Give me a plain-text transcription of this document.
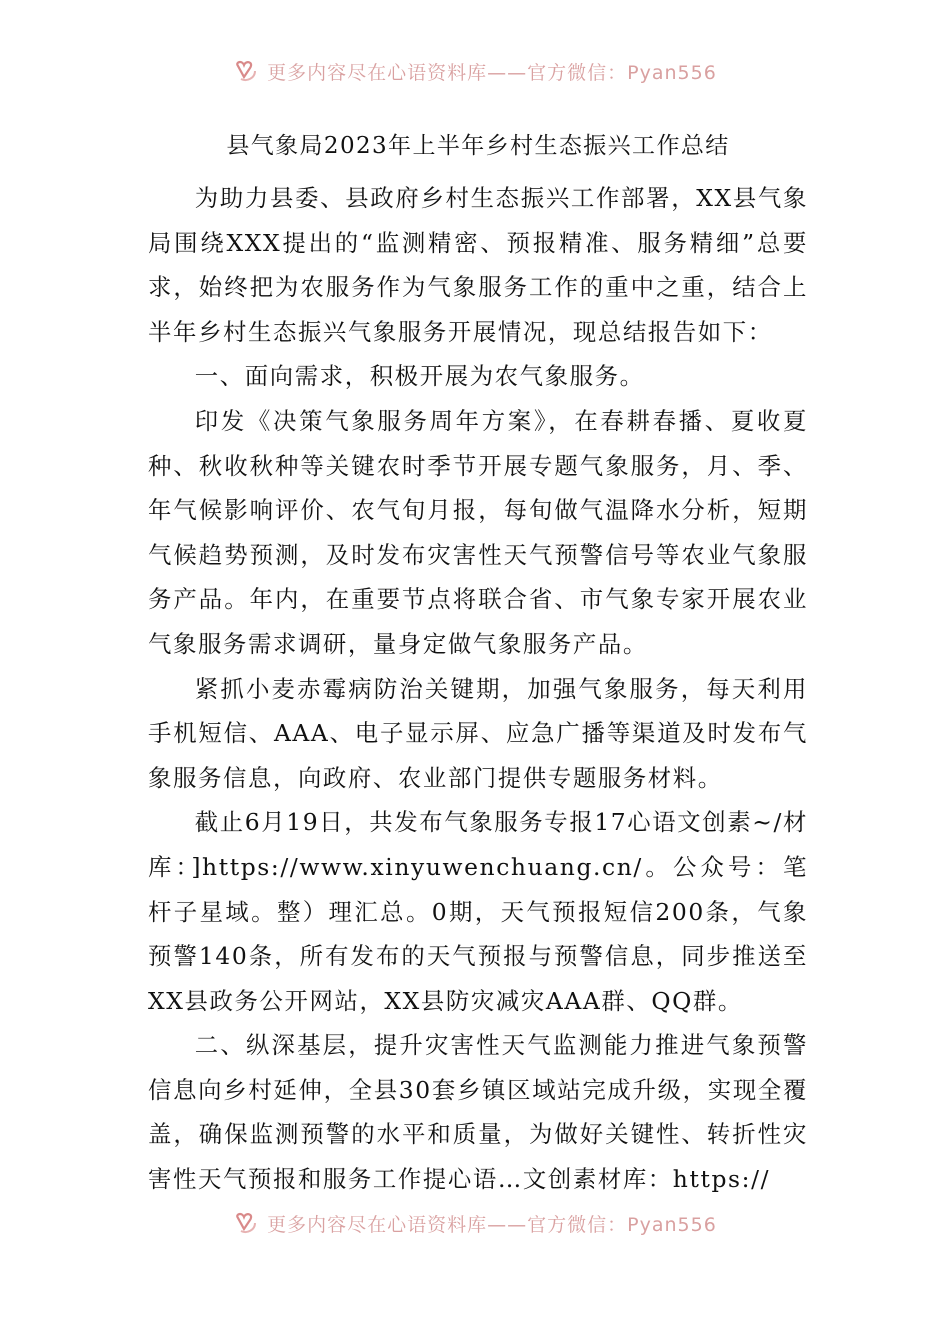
更多内容尽在心语资料库——官方微信：Pyan556
县气象局2023年上半年乡村生态振兴工作总结

为助力县委、县政府乡村生态振兴工作部署，XX县气象局围绕XXX提出的“监测精密、预报精准、服务精细”总要求，始终把为农服务作为气象服务工作的重中之重，结合上半年乡村生态振兴气象服务开展情况，现总结报告如下：

一、面向需求，积极开展为农气象服务。

印发《决策气象服务周年方案》，在春耕春播、夏收夏种、秋收秋种等关键农时季节开展专题气象服务，月、季、年气候影响评价、农气旬月报，每旬做气温降水分析，短期气候趋势预测，及时发布灾害性天气预警信号等农业气象服务产品。年内，在重要节点将联合省、市气象专家开展农业气象服务需求调研，量身定做气象服务产品。

紧抓小麦赤霉病防治关键期，加强气象服务，每天利用手机短信、AAA、电子显示屏、应急广播等渠道及时发布气象服务信息，向政府、农业部门提供专题服务材料。

截止6月19日，共发布气象服务专报17心语文创素~/材库：]https://www.xinyuwenchuang.cn/。公众号：笔杆子星域。整）理汇总。0期，天气预报短信200条，气象预警140条，所有发布的天气预报与预警信息，同步推送至XX县政务公开网站，XX县防灾减灾AAA群、QQ群。

二、纵深基层，提升灾害性天气监测能力推进气象预警信息向乡村延伸，全县30套乡镇区域站完成升级，实现全覆盖，确保监测预警的水平和质量，为做好关键性、转折性灾害性天气预报和服务工作提心语…文创素材库：https://

更多内容尽在心语资料库——官方微信：Pyan556
